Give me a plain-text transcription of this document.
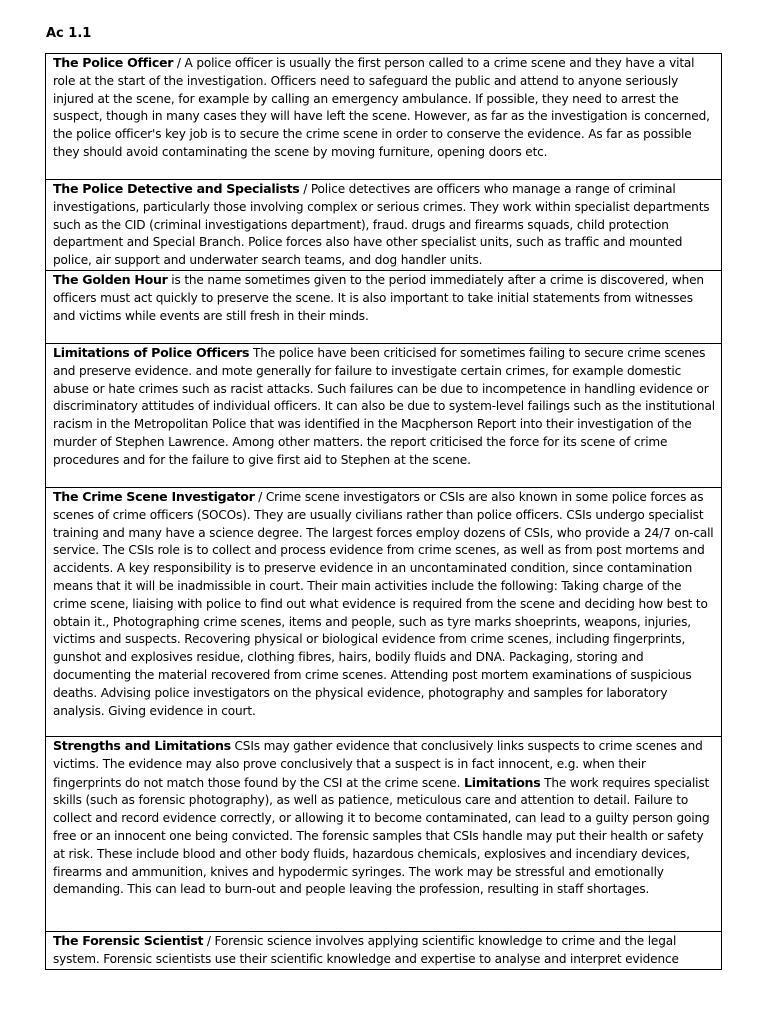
Ac 1.1
The Police Officer / A police officer is usually the first person called to a crime scene and they have a vital role at the start of the investigation. Officers need to safeguard the public and attend to anyone seriously injured at the scene, for example by calling an emergency ambulance. If possible, they need to arrest the suspect, though in many cases they will have left the scene. However, as far as the investigation is concerned, the police officer's key job is to secure the crime scene in order to conserve the evidence. As far as possible they should avoid contaminating the scene by moving furniture, opening doors etc.

The Police Detective and Specialists / Police detectives are officers who manage a range of criminal investigations, particularly those involving complex or serious crimes. They work within specialist departments such as the CID (criminal investigations department), fraud. drugs and firearms squads, child protection department and Special Branch. Police forces also have other specialist units, such as traffic and mounted police, air support and underwater search teams, and dog handler units.

The Golden Hour is the name sometimes given to the period immediately after a crime is discovered, when officers must act quickly to preserve the scene. It is also important to take initial statements from witnesses and victims while events are still fresh in their minds.

Limitations of Police Officers The police have been criticised for sometimes failing to secure crime scenes and preserve evidence. and mote generally for failure to investigate certain crimes, for example domestic abuse or hate crimes such as racist attacks. Such failures can be due to incompetence in handling evidence or discriminatory attitudes of individual officers. It can also be due to system-level failings such as the institutional racism in the Metropolitan Police that was identified in the Macpherson Report into their investigation of the murder of Stephen Lawrence. Among other matters. the report criticised the force for its scene of crime procedures and for the failure to give first aid to Stephen at the scene.

The Crime Scene Investigator / Crime scene investigators or CSIs are also known in some police forces as scenes of crime officers (SOCOs). They are usually civilians rather than police officers. CSIs undergo specialist training and many have a science degree. The largest forces employ dozens of CSIs, who provide a 24/7 on-call service. The CSIs role is to collect and process evidence from crime scenes, as well as from post mortems and accidents. A key responsibility is to preserve evidence in an uncontaminated condition, since contamination means that it will be inadmissible in court. Their main activities include the following: Taking charge of the crime scene, liaising with police to find out what evidence is required from the scene and deciding how best to obtain it., Photographing crime scenes, items and people, such as tyre marks shoeprints, weapons, injuries, victims and suspects. Recovering physical or biological evidence from crime scenes, including fingerprints, gunshot and explosives residue, clothing fibres, hairs, bodily fluids and DNA. Packaging, storing and documenting the material recovered from crime scenes. Attending post mortem examinations of suspicious deaths. Advising police investigators on the physical evidence, photography and samples for laboratory analysis. Giving evidence in court.

Strengths and Limitations CSIs may gather evidence that conclusively links suspects to crime scenes and victims. The evidence may also prove conclusively that a suspect is in fact innocent, e.g. when their fingerprints do not match those found by the CSI at the crime scene. Limitations The work requires specialist skills (such as forensic photography), as well as patience, meticulous care and attention to detail. Failure to collect and record evidence correctly, or allowing it to become contaminated, can lead to a guilty person going free or an innocent one being convicted. The forensic samples that CSIs handle may put their health or safety at risk. These include blood and other body fluids, hazardous chemicals, explosives and incendiary devices, firearms and ammunition, knives and hypodermic syringes. The work may be stressful and emotionally demanding. This can lead to burn-out and people leaving the profession, resulting in staff shortages.

The Forensic Scientist / Forensic science involves applying scientific knowledge to crime and the legal system. Forensic scientists use their scientific knowledge and expertise to analyse and interpret evidence
